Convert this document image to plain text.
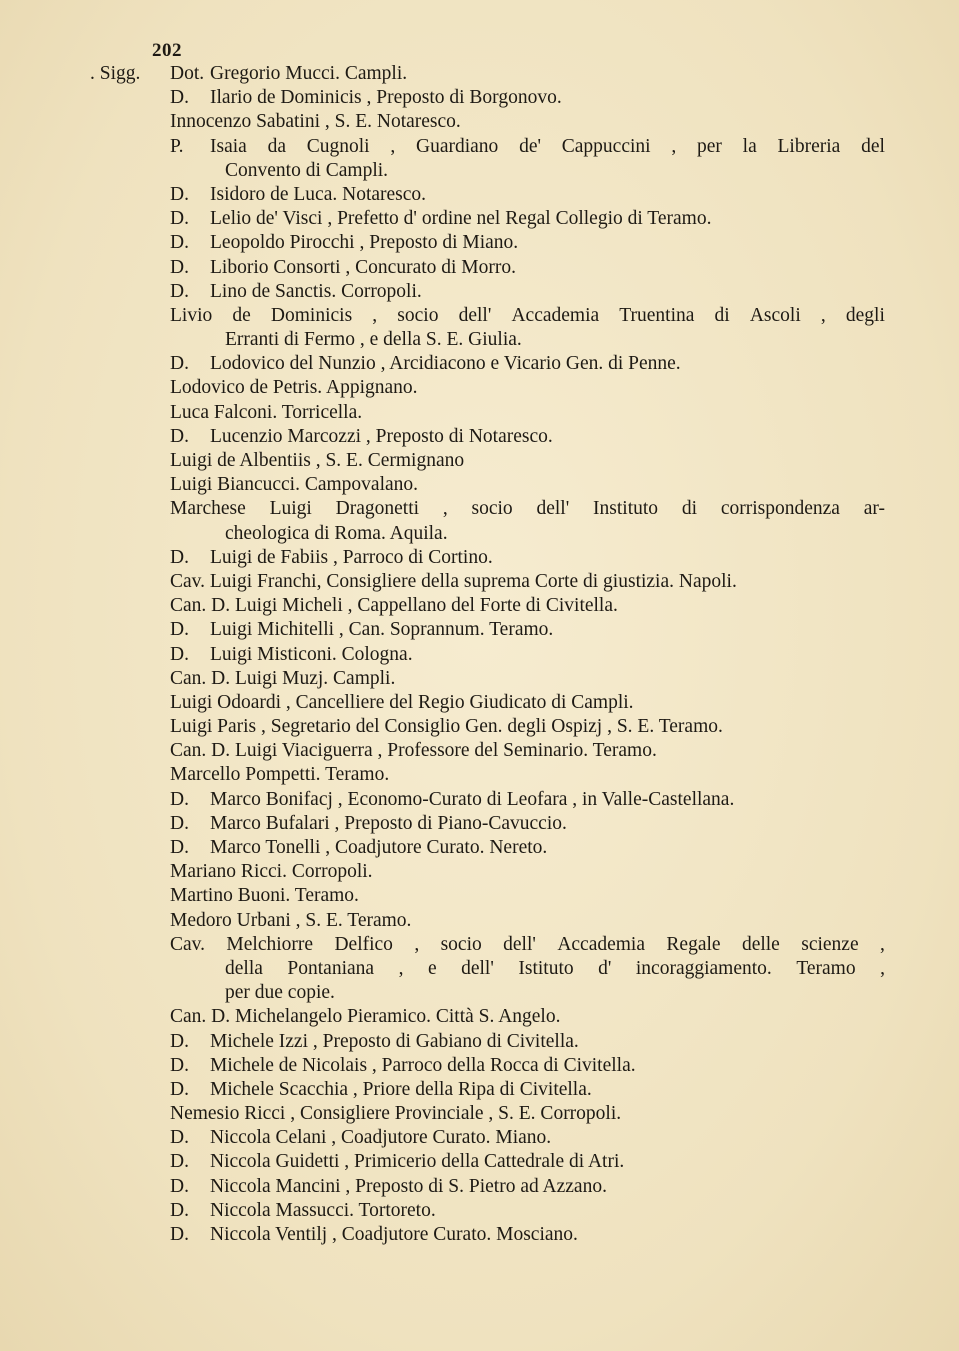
202
. Sigg. Dot. Gregorio Mucci. Campli.
D.	Ilario de Dominicis , Preposto di Borgonovo.
Innocenzo Sabatini , S. E. Notaresco.
P. Isaia da Cugnoli , Guardiano de' Cappuccini , per la Libreria del
Convento di Campli.
D.	Isidoro de Luca. Notaresco.
D.	Lelio de' Visci , Prefetto d' ordine nel Regal Collegio di Teramo.
D.	Leopoldo Pirocchi , Preposto di Miano.
D.	Liborio Consorti , Concurato di Morro.
D.	Lino de Sanctis. Corropoli.
Livio de Dominicis , socio dell' Accademia Truentina di Ascoli , degli
Erranti di Fermo , e della S. E. Giulia.
D.	Lodovico del Nunzio , Arcidiacono e Vicario Gen. di Penne.
Lodovico de Petris. Appignano.
Luca Falconi. Torricella.
D.	Lucenzio Marcozzi , Preposto di Notaresco.
Luigi de Albentiis , S. E. Cermignano
Luigi Biancucci. Campovalano.
Marchese Luigi Dragonetti , socio dell' Instituto di corrispondenza ar-
cheologica di Roma. Aquila.
D.	Luigi de Fabiis , Parroco di Cortino.
Cav. Luigi Franchi, Consigliere della suprema Corte di giustizia. Napoli.
Can. D. Luigi Micheli , Cappellano del Forte di Civitella.
D.	Luigi Michitelli , Can. Soprannum. Teramo.
D.	Luigi Misticoni. Cologna.
Can. D. Luigi Muzj. Campli.
Luigi Odoardi , Cancelliere del Regio Giudicato di Campli.
Luigi Paris , Segretario del Consiglio Gen. degli Ospizj , S. E. Teramo.
Can. D. Luigi Viaciguerra , Professore del Seminario. Teramo.
Marcello Pompetti. Teramo.
D.	Marco Bonifacj , Economo-Curato di Leofara , in Valle-Castellana.
D.	Marco Bufalari , Preposto di Piano-Cavuccio.
D.	Marco Tonelli , Coadjutore Curato. Nereto.
Mariano Ricci. Corropoli.
Martino Buoni. Teramo.
Medoro Urbani , S. E. Teramo.
Cav. Melchiorre Delfico , socio dell' Accademia Regale delle scienze ,
della Pontaniana , e dell' Istituto d' incoraggiamento. Teramo ,
per due copie.
Can. D. Michelangelo Pieramico. Città S. Angelo.
D.	Michele Izzi , Preposto di Gabiano di Civitella.
D.	Michele de Nicolais , Parroco della Rocca di Civitella.
D.	Michele Scacchia , Priore della Ripa di Civitella.
Nemesio Ricci , Consigliere Provinciale , S. E. Corropoli.
D.	Niccola Celani , Coadjutore Curato. Miano.
D.	Niccola Guidetti , Primicerio della Cattedrale di Atri.
D.	Niccola Mancini , Preposto di S. Pietro ad Azzano.
D.	Niccola Massucci. Tortoreto.
D.	Niccola Ventilj , Coadjutore Curato. Mosciano.
